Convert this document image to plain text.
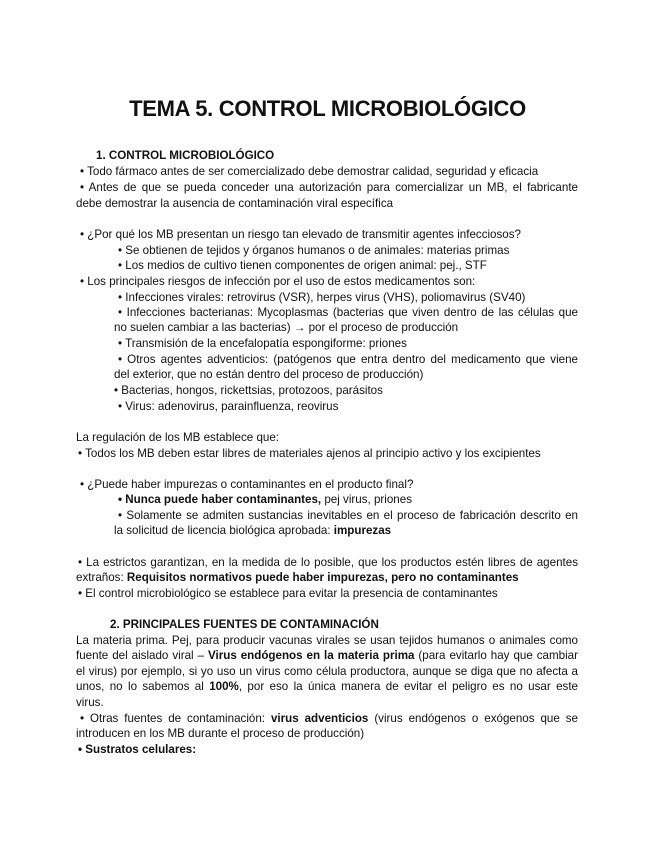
TEMA 5. CONTROL MICROBIOLÓGICO
1. CONTROL MICROBIOLÓGICO
• Todo fármaco antes de ser comercializado debe demostrar calidad, seguridad y eficacia
• Antes de que se pueda conceder una autorización para comercializar un MB, el fabricante
debe demostrar la ausencia de contaminación viral específica
• ¿Por qué los MB presentan un riesgo tan elevado de transmitir agentes infecciosos?
• Se obtienen de tejidos y órganos humanos o de animales: materias primas
• Los medios de cultivo tienen componentes de origen animal: pej., STF
• Los principales riesgos de infección por el uso de estos medicamentos son:
• Infecciones virales: retrovirus (VSR), herpes virus (VHS), poliomavirus (SV40)
• Infecciones bacterianas: Mycoplasmas (bacterias que viven dentro de las células que
no suelen cambiar a las bacterias) → por el proceso de producción
• Transmisión de la encefalopatía espongiforme: priones
• Otros agentes adventicios: (patógenos que entra dentro del medicamento que viene
del exterior, que no están dentro del proceso de producción)
• Bacterias, hongos, rickettsias, protozoos, parásitos
• Virus: adenovirus, parainfluenza, reovirus
La regulación de los MB establece que:
• Todos los MB deben estar libres de materiales ajenos al principio activo y los excipientes
• ¿Puede haber impurezas o contaminantes en el producto final?
• Nunca puede haber contaminantes, pej virus, priones
• Solamente se admiten sustancias inevitables en el proceso de fabricación descrito en
la solicitud de licencia biológica aprobada: impurezas
• La estrictos garantizan, en la medida de lo posible, que los productos estén libres de agentes
extraños: Requisitos normativos puede haber impurezas, pero no contaminantes
• El control microbiológico se establece para evitar la presencia de contaminantes
2. PRINCIPALES FUENTES DE CONTAMINACIÓN
La materia prima. Pej, para producir vacunas virales se usan tejidos humanos o animales como
fuente del aislado viral – Virus endógenos en la materia prima (para evitarlo hay que cambiar
el virus) por ejemplo, si yo uso un virus como célula productora, aunque se diga que no afecta a
unos, no lo sabemos al 100%, por eso la única manera de evitar el peligro es no usar este
virus.
• Otras fuentes de contaminación: virus adventicios (virus endógenos o exógenos que se
introducen en los MB durante el proceso de producción)
• Sustratos celulares:
